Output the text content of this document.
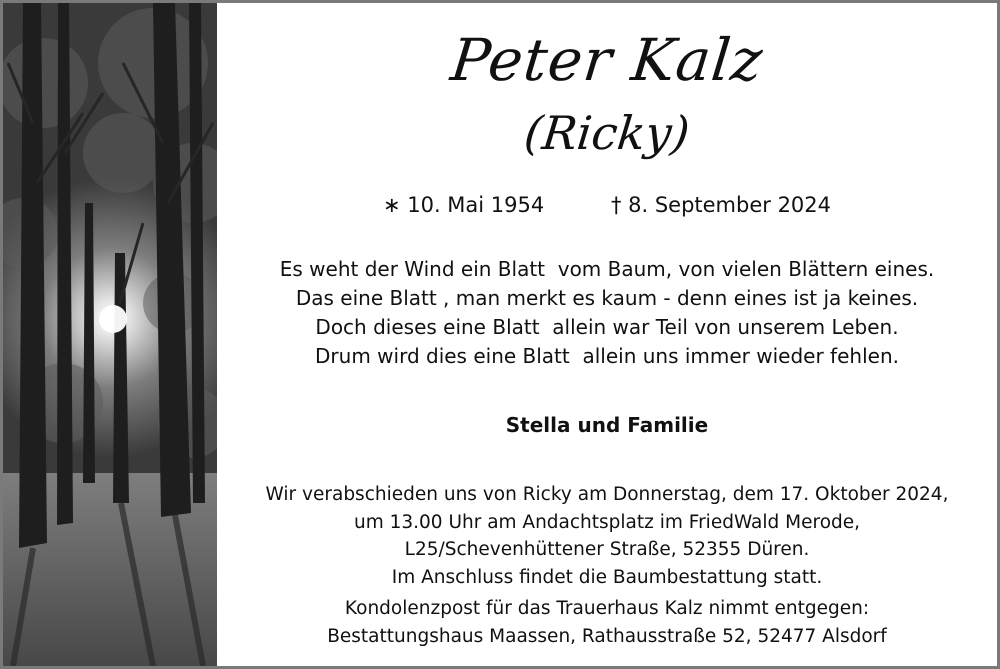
Peter Kalz
(Ricky)
∗ 10. Mai 1954	† 8. September 2024
Es weht der Wind ein Blatt  vom Baum, von vielen Blättern eines.
Das eine Blatt , man merkt es kaum - denn eines ist ja keines.
Doch dieses eine Blatt  allein war Teil von unserem Leben.
Drum wird dies eine Blatt  allein uns immer wieder fehlen.
Stella und Familie
Wir verabschieden uns von Ricky am Donnerstag, dem 17. Oktober 2024,
um 13.00 Uhr am Andachtsplatz im FriedWald Merode,
L25/Schevenhüttener Straße, 52355 Düren.
Im Anschluss findet die Baumbestattung statt.
Kondolenzpost für das Trauerhaus Kalz nimmt entgegen:
Bestattungshaus Maassen, Rathausstraße 52, 52477 Alsdorf
